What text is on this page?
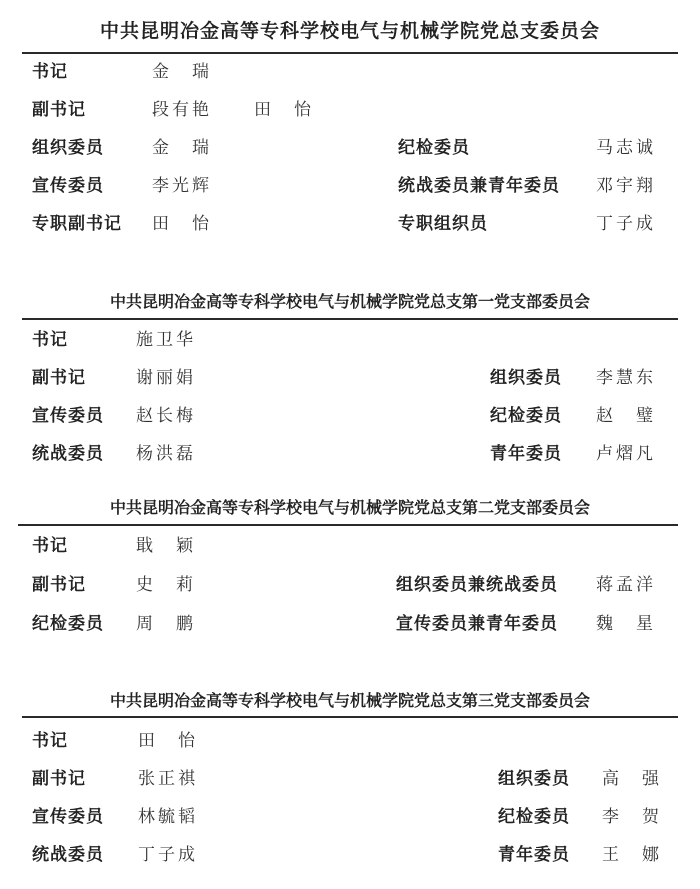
中共昆明冶金高等专科学校电气与机械学院党总支委员会
书记	金　瑞
副书记	段有艳 田　怡
组织委员	金　瑞	纪检委员	马志诚
宣传委员	李光辉	统战委员兼青年委员 邓宇翔
专职副书记 田　怡	专职组织员	丁子成
中共昆明冶金高等专科学校电气与机械学院党总支第一党支部委员会
书记	施卫华
副书记	谢丽娟	组织委员 李慧东
宣传委员 赵长梅	纪检委员 赵　璧
统战委员 杨洪磊	青年委员 卢熠凡
中共昆明冶金高等专科学校电气与机械学院党总支第二党支部委员会
书记	戢　颖
副书记	史　莉	组织委员兼统战委员 蒋孟洋
纪检委员 周　鹏	宣传委员兼青年委员 魏　星
中共昆明冶金高等专科学校电气与机械学院党总支第三党支部委员会
书记	田　怡
副书记	张正祺	组织委员 高　强
宣传委员 林毓韬	纪检委员 李　贺
统战委员 丁子成	青年委员 王　娜
